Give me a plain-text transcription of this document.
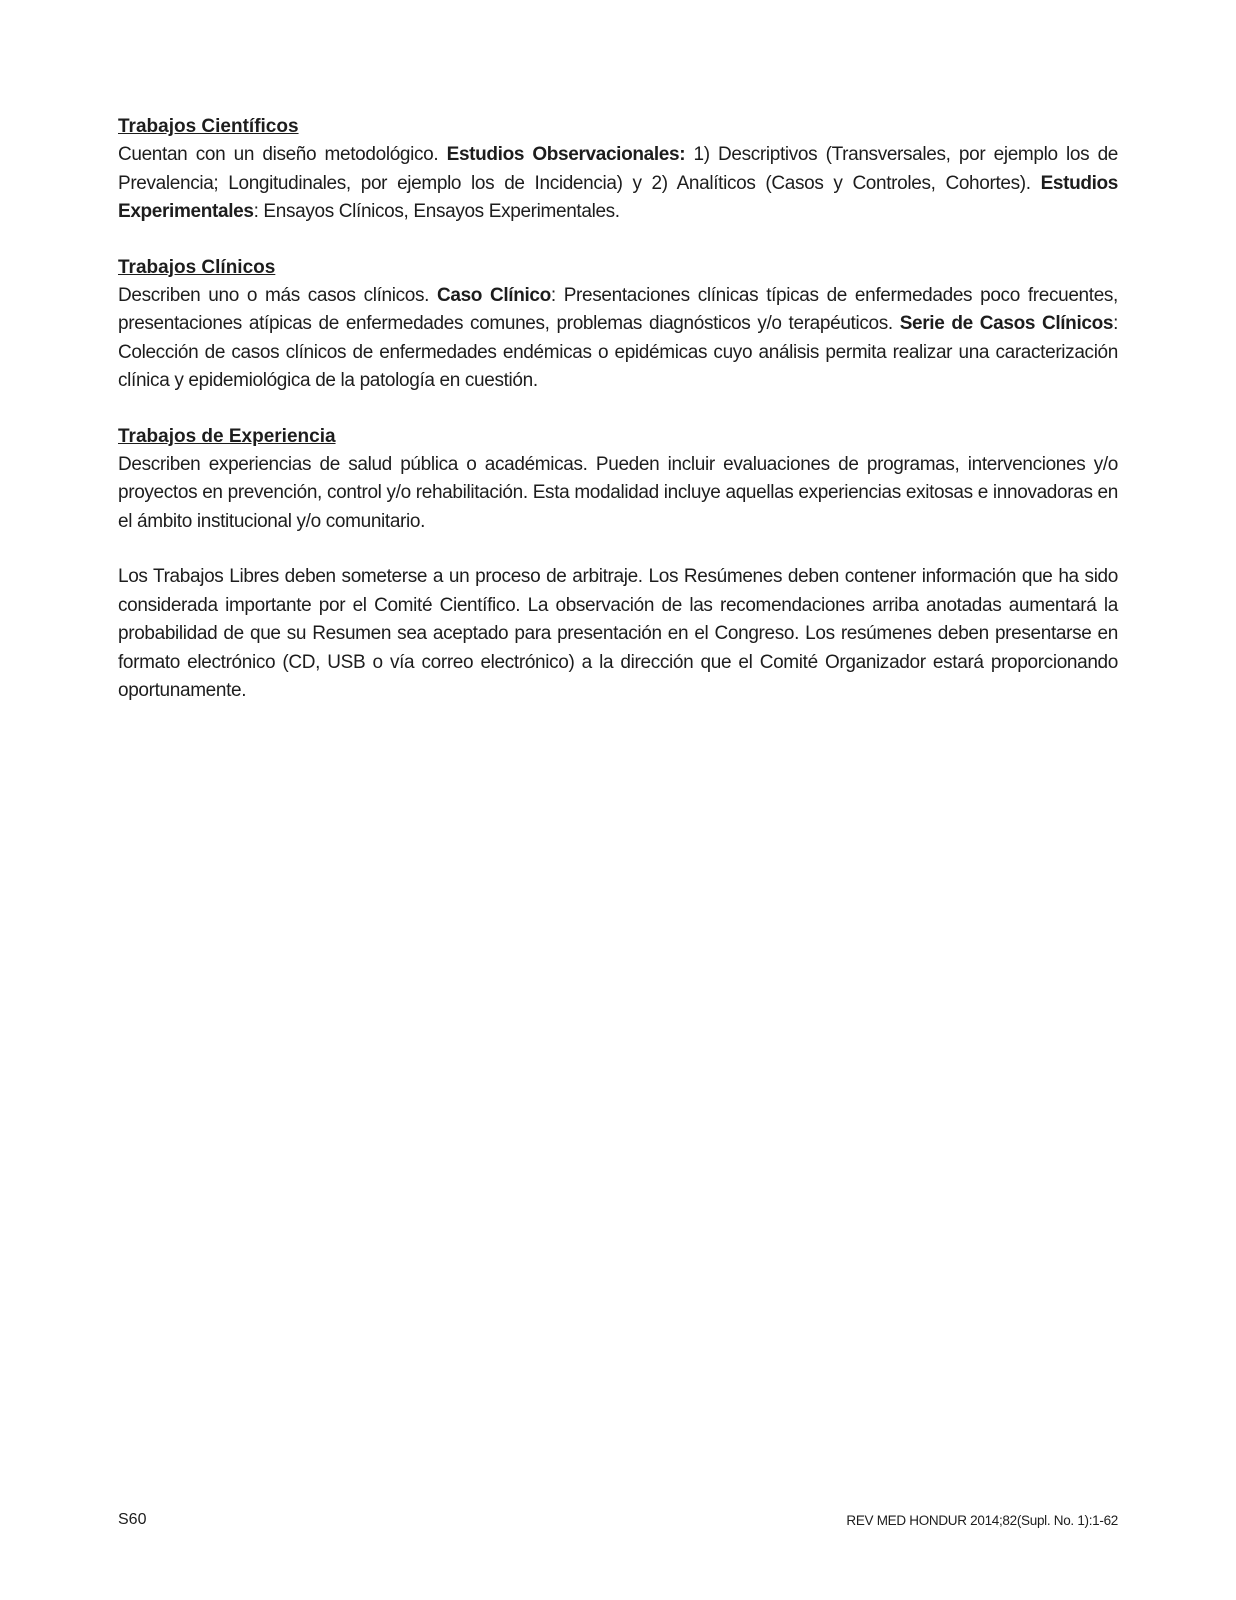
Trabajos Científicos

Cuentan con un diseño metodológico. Estudios Observacionales: 1) Descriptivos (Transversales, por ejemplo los de Prevalencia; Longitudinales, por ejemplo los de Incidencia) y 2) Analíticos (Casos y Controles, Cohortes). Estudios Experimentales: Ensayos Clínicos, Ensayos Experimentales.

Trabajos Clínicos

Describen uno o más casos clínicos. Caso Clínico: Presentaciones clínicas típicas de enfermedades poco frecuentes, presentaciones atípicas de enfermedades comunes, problemas diagnósticos y/o terapéuticos. Serie de Casos Clínicos: Colección de casos clínicos de enfermedades endémicas o epidémicas cuyo análisis permita realizar una caracterización clínica y epidemiológica de la patología en cuestión.

Trabajos de Experiencia

Describen experiencias de salud pública o académicas. Pueden incluir evaluaciones de programas, intervenciones y/o proyectos en prevención, control y/o rehabilitación. Esta modalidad incluye aquellas experiencias exitosas e innovadoras en el ámbito institucional y/o comunitario.

Los Trabajos Libres deben someterse a un proceso de arbitraje. Los Resúmenes deben contener información que ha sido considerada importante por el Comité Científico. La observación de las recomendaciones arriba anotadas aumentará la probabilidad de que su Resumen sea aceptado para presentación en el Congreso. Los resúmenes deben presentarse en formato electrónico (CD, USB o vía correo electrónico) a la dirección que el Comité Organizador estará proporcionando oportunamente.

S60	REV MED HONDUR 2014;82(Supl. No. 1):1-62
